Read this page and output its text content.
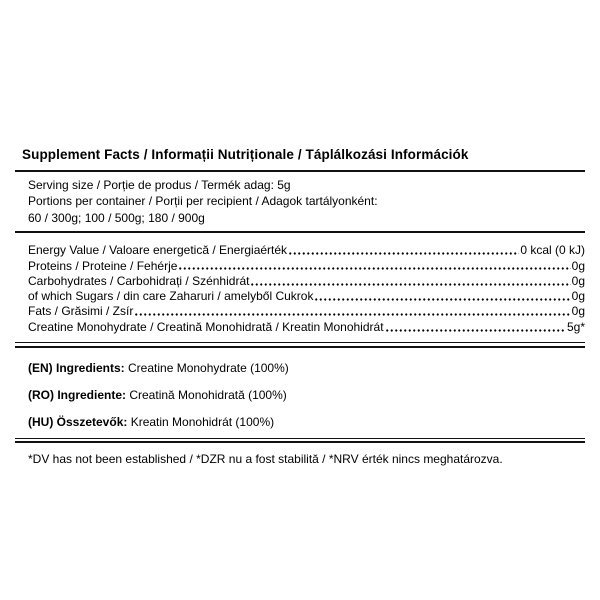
Supplement Facts / Informații Nutriționale / Táplálkozási Információk
Serving size / Porție de produs / Termék adag: 5g
Portions per container / Porții per recipient / Adagok tartályonként:
60 / 300g; 100 / 500g; 180 / 900g
Energy Value / Valoare energetică / Energiaérték	0 kcal (0 kJ)
Proteins / Proteine / Fehérje	0g
Carbohydrates / Carbohidrați / Szénhidrát	0g
of which Sugars / din care Zaharuri / amelyből Cukrok	0g
Fats / Grăsimi / Zsír	0g
Creatine Monohydrate / Creatină Monohidrată / Kreatin Monohidrát	5g*
(EN) Ingredients: Creatine Monohydrate (100%)
(RO) Ingrediente: Creatină Monohidrată (100%)
(HU) Összetevők: Kreatin Monohidrát (100%)
*DV has not been established / *DZR nu a fost stabilită / *NRV érték nincs meghatározva.
